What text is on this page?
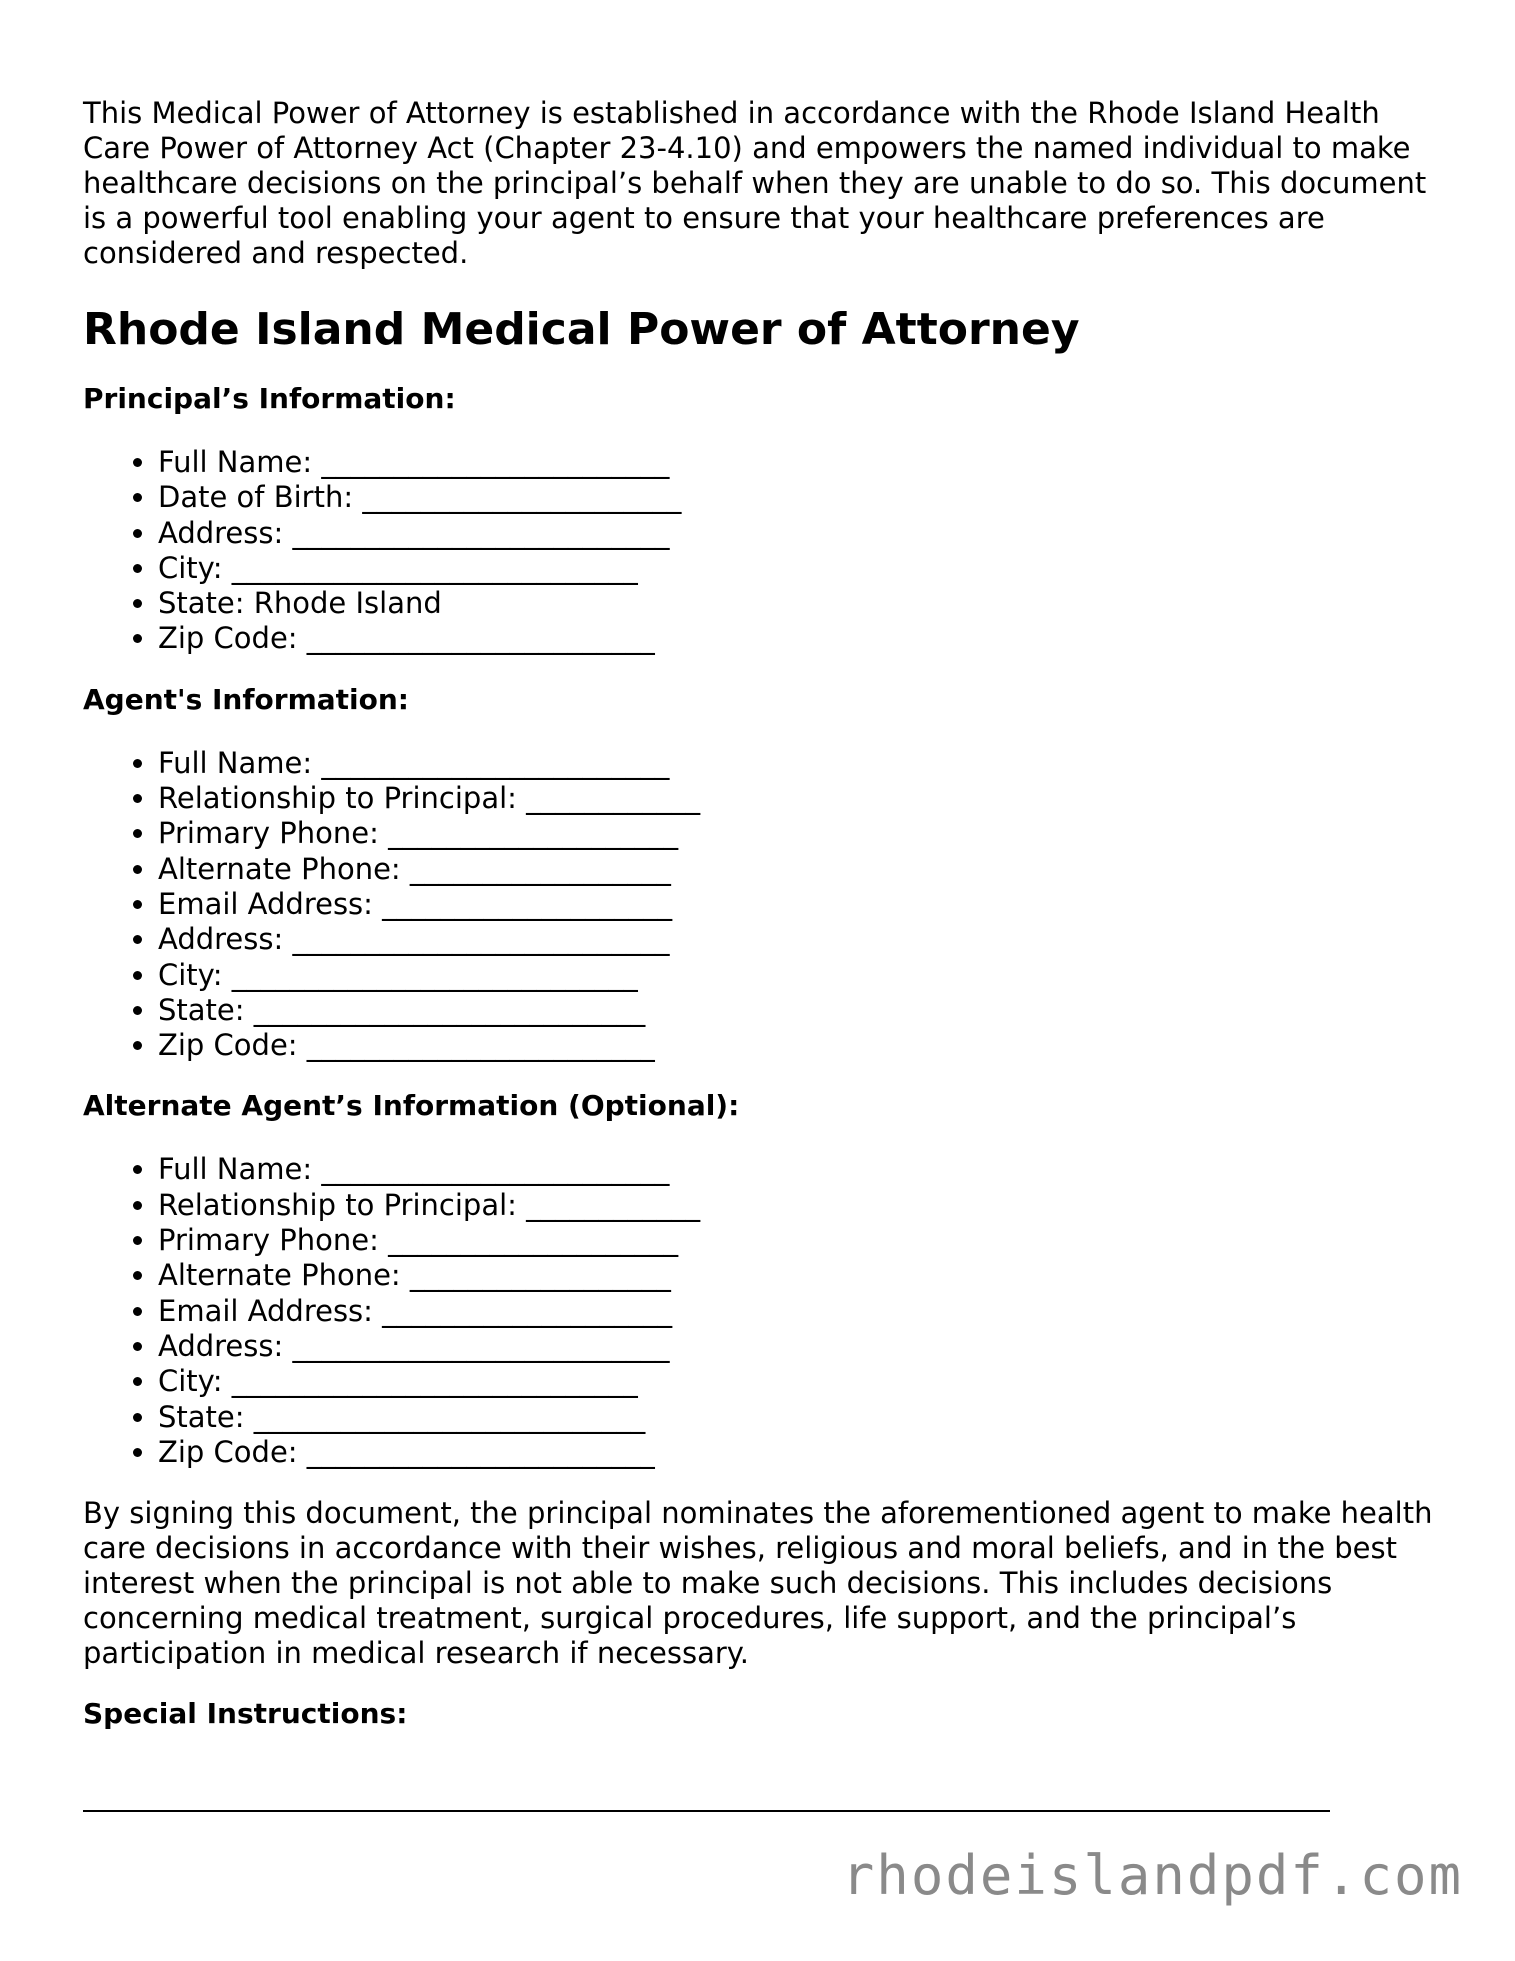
This Medical Power of Attorney is established in accordance with the Rhode Island Health Care Power of Attorney Act (Chapter 23-4.10) and empowers the named individual to make healthcare decisions on the principal’s behalf when they are unable to do so. This document is a powerful tool enabling your agent to ensure that your healthcare preferences are considered and respected.

Rhode Island Medical Power of Attorney
Principal’s Information:
• Full Name: ________________________
• Date of Birth: ______________________
• Address: __________________________
• City: ____________________________
• State: Rhode Island
• Zip Code: ________________________
Agent's Information:
• Full Name: ________________________
• Relationship to Principal: ____________
• Primary Phone: ____________________
• Alternate Phone: __________________
• Email Address: ____________________
• Address: __________________________
• City: ____________________________
• State: ___________________________
• Zip Code: ________________________
Alternate Agent’s Information (Optional):
• Full Name: ________________________
• Relationship to Principal: ____________
• Primary Phone: ____________________
• Alternate Phone: __________________
• Email Address: ____________________
• Address: __________________________
• City: ____________________________
• State: ___________________________
• Zip Code: ________________________

By signing this document, the principal nominates the aforementioned agent to make health care decisions in accordance with their wishes, religious and moral beliefs, and in the best interest when the principal is not able to make such decisions. This includes decisions concerning medical treatment, surgical procedures, life support, and the principal’s participation in medical research if necessary.

Special Instructions:
rhodeislandpdf.com
